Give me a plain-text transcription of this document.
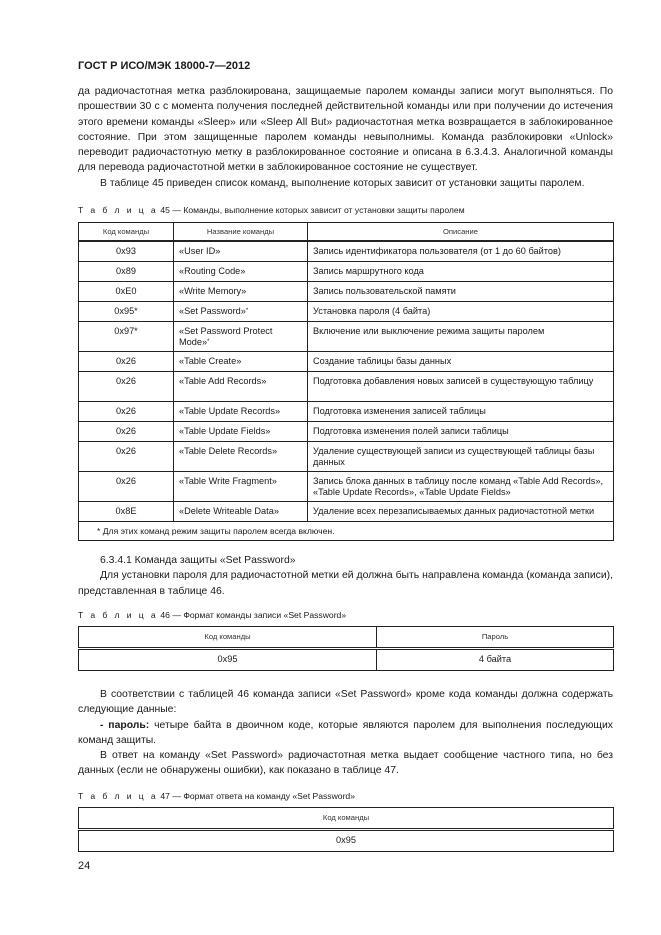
ГОСТ Р ИСО/МЭК 18000-7—2012

да радиочастотная метка разблокирована, защищаемые паролем команды записи могут выполняться. По прошествии 30 с с момента получения последней действительной команды или при получении до истечения этого времени команды «Sleep» или «Sleep All But» радиочастотная метка возвращается в заблокированное состояние. При этом защищенные паролем команды невыполнимы. Команда разблокировки «Unlock» переводит радиочастотную метку в разблокированное состояние и описана в 6.3.4.3. Аналогичной команды для перевода радиочастотной метки в заблокированное состояние не существует.

В таблице 45 приведен список команд, выполнение которых зависит от установки защиты паролем.

Т а б л и ц а 45 — Команды, выполнение которых зависит от установки защиты паролем
Код команды	Название команды	Описание
0x93	«User ID»	Запись идентификатора пользователя (от 1 до 60 байтов)
0x89	«Routing Code»	Запись маршрутного кода
0xE0	«Write Memory»	Запись пользовательской памяти
0x95*	«Set Password»*	Установка пароля (4 байта)
0x97*	«Set Password Protect Mode»*	Включение или выключение режима защиты паролем
0x26	«Table Create»	Создание таблицы базы данных
0x26	«Table Add Records»	Подготовка добавления новых записей в существующую таблицу
0x26	«Table Update Records»	Подготовка изменения записей таблицы
0x26	«Table Update Fields»	Подготовка изменения полей записи таблицы
0x26	«Table Delete Records»	Удаление существующей записи из существующей таблицы базы данных
0x26	«Table Write Fragment»	Запись блока данных в таблицу после команд «Table Add Records», «Table Update Records», «Table Update Fields»
0x8E	«Delete Writeable Data»	Удаление всех перезаписываемых данных радиочастотной метки
* Для этих команд режим защиты паролем всегда включен.		

6.3.4.1 Команда защиты «Set Password»

Для установки пароля для радиочастотной метки ей должна быть направлена команда (команда записи), представленная в таблице 46.

Т а б л и ц а 46 — Формат команды записи «Set Password»
Код команды	Пароль
0x95	4 байта

В соответствии с таблицей 46 команда записи «Set Password» кроме кода команды должна содержать следующие данные:

- пароль: четыре байта в двоичном коде, которые являются паролем для выполнения последующих команд защиты.

В ответ на команду «Set Password» радиочастотная метка выдает сообщение частного типа, но без данных (если не обнаружены ошибки), как показано в таблице 47.

Т а б л и ц а 47 — Формат ответа на команду «Set Password»
Код команды
0x95
24
